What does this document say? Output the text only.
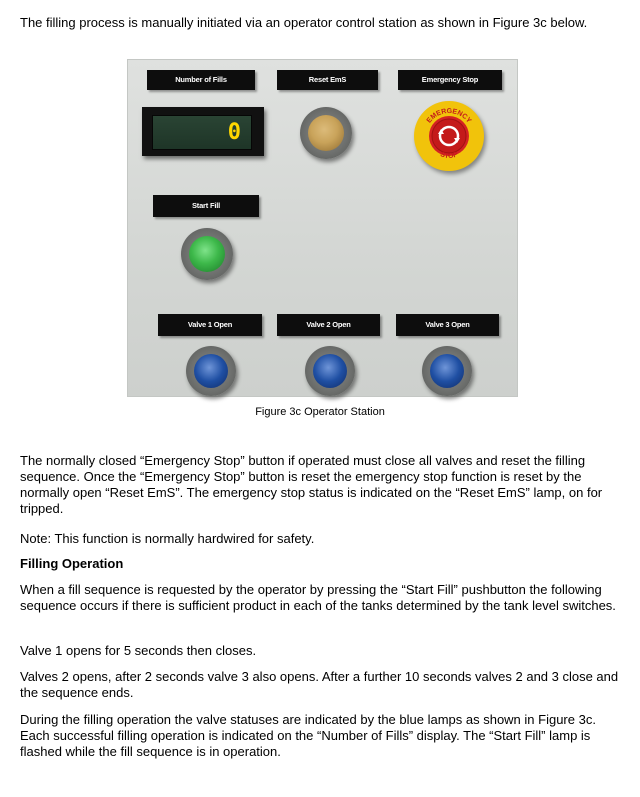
The filling process is manually initiated via an operator control station as shown in Figure 3c below.

Number of Fills	Reset EmS	Emergency Stop
0	EMERGENCY
STOP
Start Fill
Valve 1 Open	Valve 2 Open	Valve 3 Open
Figure 3c Operator Station

The normally closed “Emergency Stop” button if operated must close all valves and reset the filling sequence. Once the “Emergency Stop” button is reset the emergency stop function is reset by the normally open “Reset EmS”. The emergency stop status is indicated on the “Reset EmS” lamp, on for tripped.

Note: This function is normally hardwired for safety.

Filling Operation

When a fill sequence is requested by the operator by pressing the “Start Fill” pushbutton the following sequence occurs if there is sufficient product in each of the tanks determined by the tank level switches.

Valve 1 opens for 5 seconds then closes.

Valves 2 opens, after 2 seconds valve 3 also opens. After a further 10 seconds valves 2 and 3 close and the sequence ends.

During the filling operation the valve statuses are indicated by the blue lamps as shown in Figure 3c. Each successful filling operation is indicated on the “Number of Fills” display. The “Start Fill” lamp is flashed while the fill sequence is in operation.
